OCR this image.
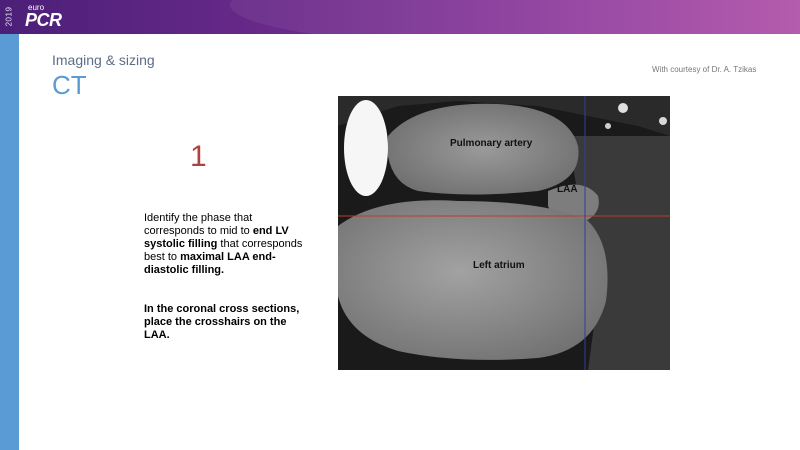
2019 euro
PCR
Imaging & sizing
CT
With courtesy of Dr. A. Tzikas
1
Identify the phase that corresponds to mid to end LV systolic filling that corresponds best to maximal LAA end-diastolic filling.
In the coronal cross sections, place the crosshairs on the LAA.
Pulmonary artery
LAA
Left atrium
